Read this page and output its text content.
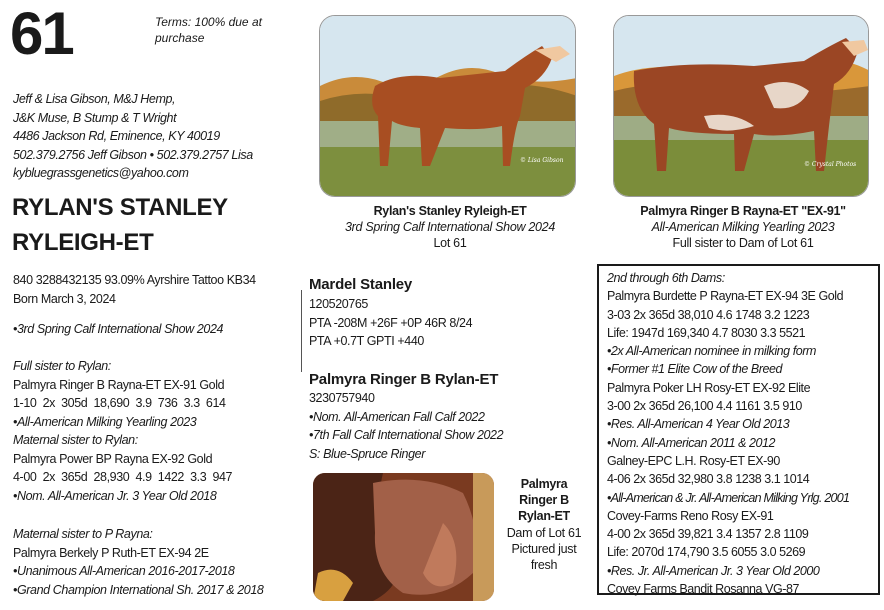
61	Terms: 100% due at purchase
Jeff & Lisa Gibson, M&J Hemp,
J&K Muse, B Stump & T Wright
4486 Jackson Rd, Eminence, KY 40019
502.379.2756 Jeff Gibson • 502.379.2757 Lisa
kybluegrassgenetics@yahoo.com
RYLAN'S STANLEY
RYLEIGH-ET
840 3288432135 93.09% Ayrshire Tattoo KB34
Born March 3, 2024
•3rd Spring Calf International Show 2024
Full sister to Rylan:
Palmyra Ringer B Rayna-ET EX-91 Gold
1-10  2x  305d  18,690  3.9  736  3.3  614
•All-American Milking Yearling 2023
Maternal sister to Rylan:
Palmyra Power BP Rayna EX-92 Gold
4-00  2x  365d  28,930  4.9  1422  3.3  947
•Nom. All-American Jr. 3 Year Old 2018
Maternal sister to P Rayna:
Palmyra Berkely P Ruth-ET EX-94 2E
•Unanimous All-American 2016-2017-2018
•Grand Champion International Sh. 2017 & 2018
© Lisa Gibson
Rylan's Stanley Ryleigh-ET
3rd Spring Calf International Show 2024
Lot 61
© Crystal Photos
Palmyra Ringer B Rayna-ET "EX-91"
All-American Milking Yearling 2023
Full sister to Dam of Lot 61
Mardel Stanley
120520765
PTA -208M +26F +0P 46R 8/24
PTA +0.7T GPTI +440
Palmyra Ringer B Rylan-ET
3230757940
•Nom. All-American Fall Calf 2022
•7th Fall Calf International Show 2022
S: Blue-Spruce Ringer
Palmyra
Ringer B
Rylan-ET
Dam of Lot 61
Pictured just
fresh
2nd through 6th Dams:
Palmyra Burdette P Rayna-ET EX-94 3E Gold
3-03 2x 365d 38,010 4.6 1748 3.2 1223
Life: 1947d 169,340 4.7 8030 3.3 5521
•2x All-American nominee in milking form
•Former #1 Elite Cow of the Breed
Palmyra Poker LH Rosy-ET EX-92 Elite
3-00 2x 365d 26,100 4.4 1161 3.5 910
•Res. All-American 4 Year Old 2013
•Nom. All-American 2011 & 2012
Galney-EPC L.H. Rosy-ET EX-90
4-06 2x 365d 32,980 3.8 1238 3.1 1014
•All-American & Jr. All-American Milking Yrlg. 2001
Covey-Farms Reno Rosy EX-91
4-00 2x 365d 39,821 3.4 1357 2.8 1109
Life: 2070d 174,790 3.5 6055 3.0 5269
•Res. Jr. All-American Jr. 3 Year Old 2000
Covey Farms Bandit Rosanna VG-87
